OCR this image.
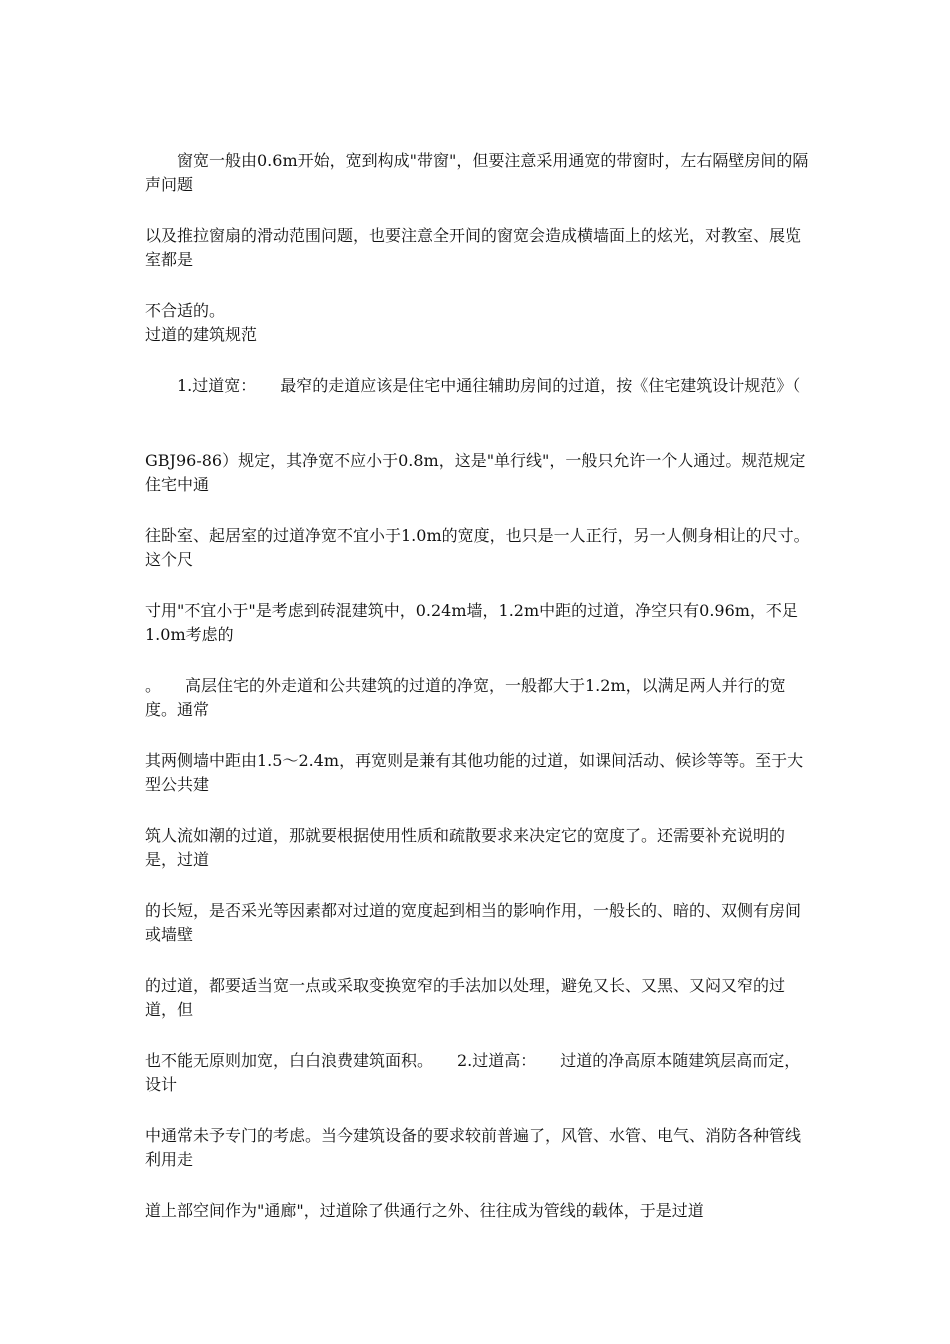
　　窗宽一般由0.6m开始，宽到构成"带窗"，但要注意采用通宽的带窗时，左右隔壁房间的隔声问题

以及推拉窗扇的滑动范围问题，也要注意全开间的窗宽会造成横墙面上的炫光，对教室、展览室都是

不合适的。

过道的建筑规范

　　1.过道宽：　　最窄的走道应该是住宅中通往辅助房间的过道，按《住宅建筑设计规范》（

GBJ96-86）规定，其净宽不应小于0.8m，这是"单行线"，一般只允许一个人通过。规范规定住宅中通

往卧室、起居室的过道净宽不宜小于1.0m的宽度，也只是一人正行，另一人侧身相让的尺寸。这个尺

寸用"不宜小于"是考虑到砖混建筑中，0.24m墙，1.2m中距的过道，净空只有0.96m，不足1.0m考虑的

。　　高层住宅的外走道和公共建筑的过道的净宽，一般都大于1.2m，以满足两人并行的宽度。通常

其两侧墙中距由1.5～2.4m，再宽则是兼有其他功能的过道，如课间活动、候诊等等。至于大型公共建

筑人流如潮的过道，那就要根据使用性质和疏散要求来决定它的宽度了。还需要补充说明的是，过道

的长短，是否采光等因素都对过道的宽度起到相当的影响作用，一般长的、暗的、双侧有房间或墙壁

的过道，都要适当宽一点或采取变换宽窄的手法加以处理，避免又长、又黑、又闷又窄的过道，但

也不能无原则加宽，白白浪费建筑面积。　　2.过道高：　　过道的净高原本随建筑层高而定，设计

中通常未予专门的考虑。当今建筑设备的要求较前普遍了，风管、水管、电气、消防各种管线利用走

道上部空间作为"通廊"，过道除了供通行之外、往往成为管线的载体，于是过道
